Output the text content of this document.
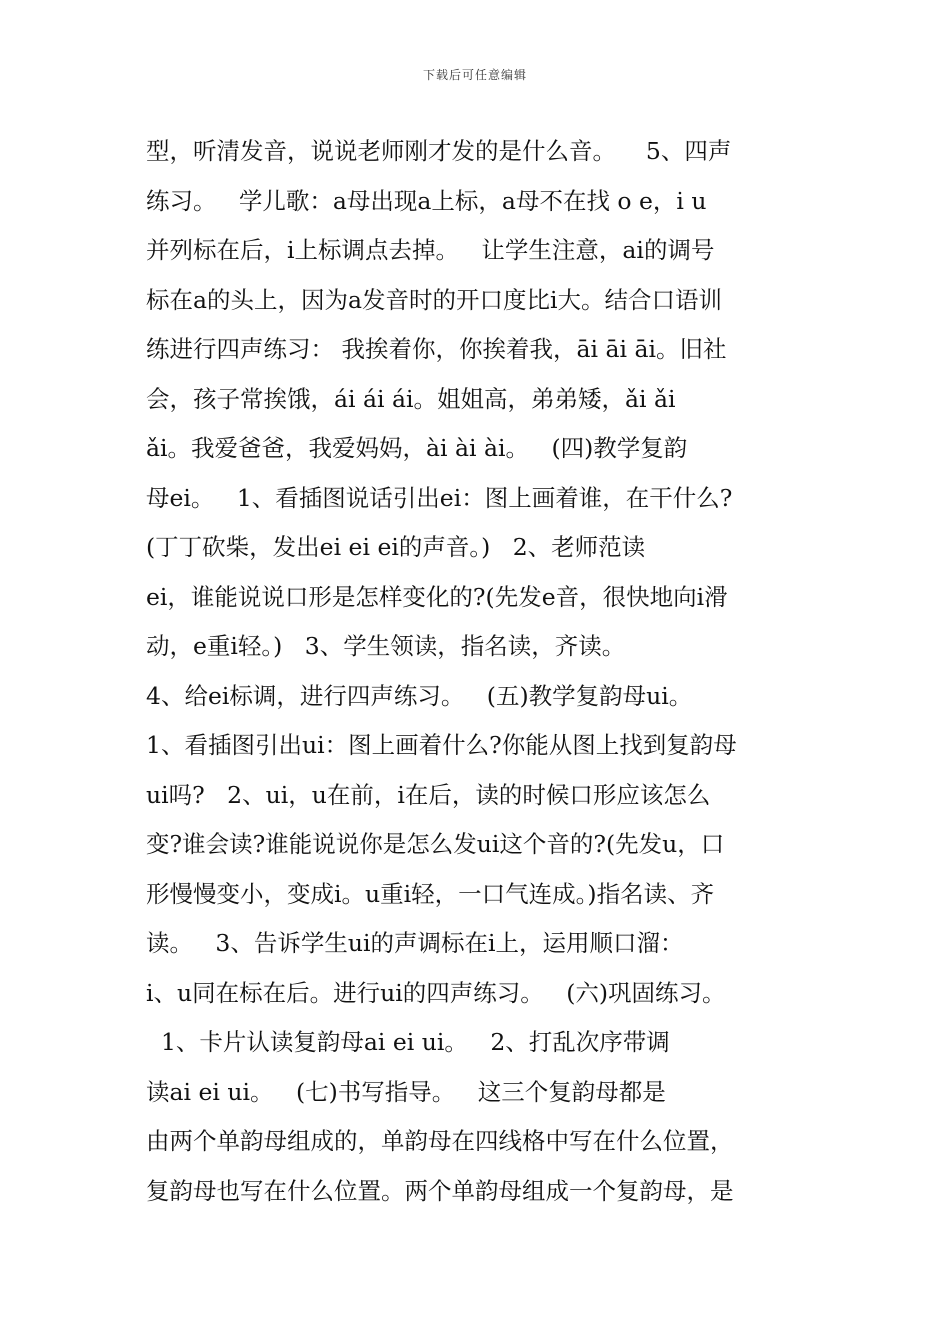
下载后可任意编辑
型，听清发音，说说老师刚才发的是什么音。    5、四声
练习。   学儿歌：a母出现a上标，a母不在找 o e，i u
并列标在后，i上标调点去掉。   让学生注意，ai的调号
标在a的头上，因为a发音时的开口度比i大。结合口语训
练进行四声练习： 我挨着你，你挨着我，āi āi āi。旧社
会，孩子常挨饿，ái ái ái。姐姐高，弟弟矮，ǎi ǎi
ǎi。我爱爸爸，我爱妈妈，ài ài ài。   (四)教学复韵
母ei。   1、看插图说话引出ei：图上画着谁，在干什么?
(丁丁砍柴，发出ei ei ei的声音。)   2、老师范读
ei，谁能说说口形是怎样变化的?(先发e音，很快地向i滑
动，e重i轻。)   3、学生领读，指名读，齐读。
4、给ei标调，进行四声练习。   (五)教学复韵母ui。
1、看插图引出ui：图上画着什么?你能从图上找到复韵母
ui吗?   2、ui，u在前，i在后，读的时候口形应该怎么
变?谁会读?谁能说说你是怎么发ui这个音的?(先发u，口
形慢慢变小，变成i。u重i轻，一口气连成。)指名读、齐
读。   3、告诉学生ui的声调标在i上，运用顺口溜：
i、u同在标在后。进行ui的四声练习。   (六)巩固练习。
1、卡片认读复韵母ai ei ui。   2、打乱次序带调
读ai ei ui。   (七)书写指导。   这三个复韵母都是
由两个单韵母组成的，单韵母在四线格中写在什么位置，
复韵母也写在什么位置。两个单韵母组成一个复韵母，是
